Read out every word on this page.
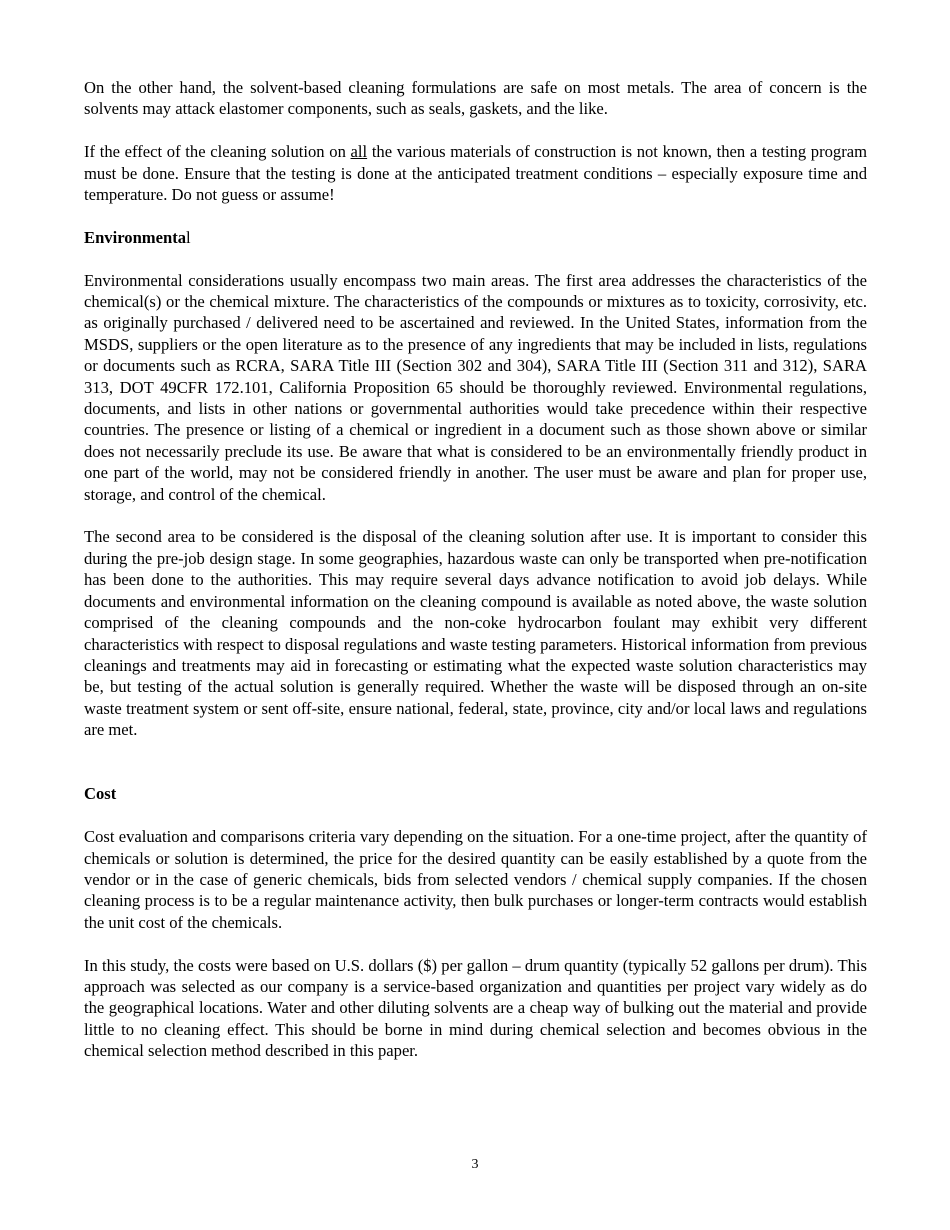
On the other hand, the solvent-based cleaning formulations are safe on most metals. The area of concern is the solvents may attack elastomer components, such as seals, gaskets, and the like.

If the effect of the cleaning solution on all the various materials of construction is not known, then a testing program must be done. Ensure that the testing is done at the anticipated treatment conditions – especially exposure time and temperature. Do not guess or assume!

Environmental

Environmental considerations usually encompass two main areas. The first area addresses the characteristics of the chemical(s) or the chemical mixture. The characteristics of the compounds or mixtures as to toxicity, corrosivity, etc. as originally purchased / delivered need to be ascertained and reviewed. In the United States, information from the MSDS, suppliers or the open literature as to the presence of any ingredients that may be included in lists, regulations or documents such as RCRA, SARA Title III (Section 302 and 304), SARA Title III (Section 311 and 312), SARA 313, DOT 49CFR 172.101, California Proposition 65 should be thoroughly reviewed. Environmental regulations, documents, and lists in other nations or governmental authorities would take precedence within their respective countries. The presence or listing of a chemical or ingredient in a document such as those shown above or similar does not necessarily preclude its use. Be aware that what is considered to be an environmentally friendly product in one part of the world, may not be considered friendly in another. The user must be aware and plan for proper use, storage, and control of the chemical.

The second area to be considered is the disposal of the cleaning solution after use. It is important to consider this during the pre-job design stage. In some geographies, hazardous waste can only be transported when pre-notification has been done to the authorities. This may require several days advance notification to avoid job delays. While documents and environmental information on the cleaning compound is available as noted above, the waste solution comprised of the cleaning compounds and the non-coke hydrocarbon foulant may exhibit very different characteristics with respect to disposal regulations and waste testing parameters. Historical information from previous cleanings and treatments may aid in forecasting or estimating what the expected waste solution characteristics may be, but testing of the actual solution is generally required. Whether the waste will be disposed through an on-site waste treatment system or sent off-site, ensure national, federal, state, province, city and/or local laws and regulations are met.

Cost

Cost evaluation and comparisons criteria vary depending on the situation. For a one-time project, after the quantity of chemicals or solution is determined, the price for the desired quantity can be easily established by a quote from the vendor or in the case of generic chemicals, bids from selected vendors / chemical supply companies. If the chosen cleaning process is to be a regular maintenance activity, then bulk purchases or longer-term contracts would establish the unit cost of the chemicals.

In this study, the costs were based on U.S. dollars ($) per gallon – drum quantity (typically 52 gallons per drum). This approach was selected as our company is a service-based organization and quantities per project vary widely as do the geographical locations. Water and other diluting solvents are a cheap way of bulking out the material and provide little to no cleaning effect. This should be borne in mind during chemical selection and becomes obvious in the chemical selection method described in this paper.

3
